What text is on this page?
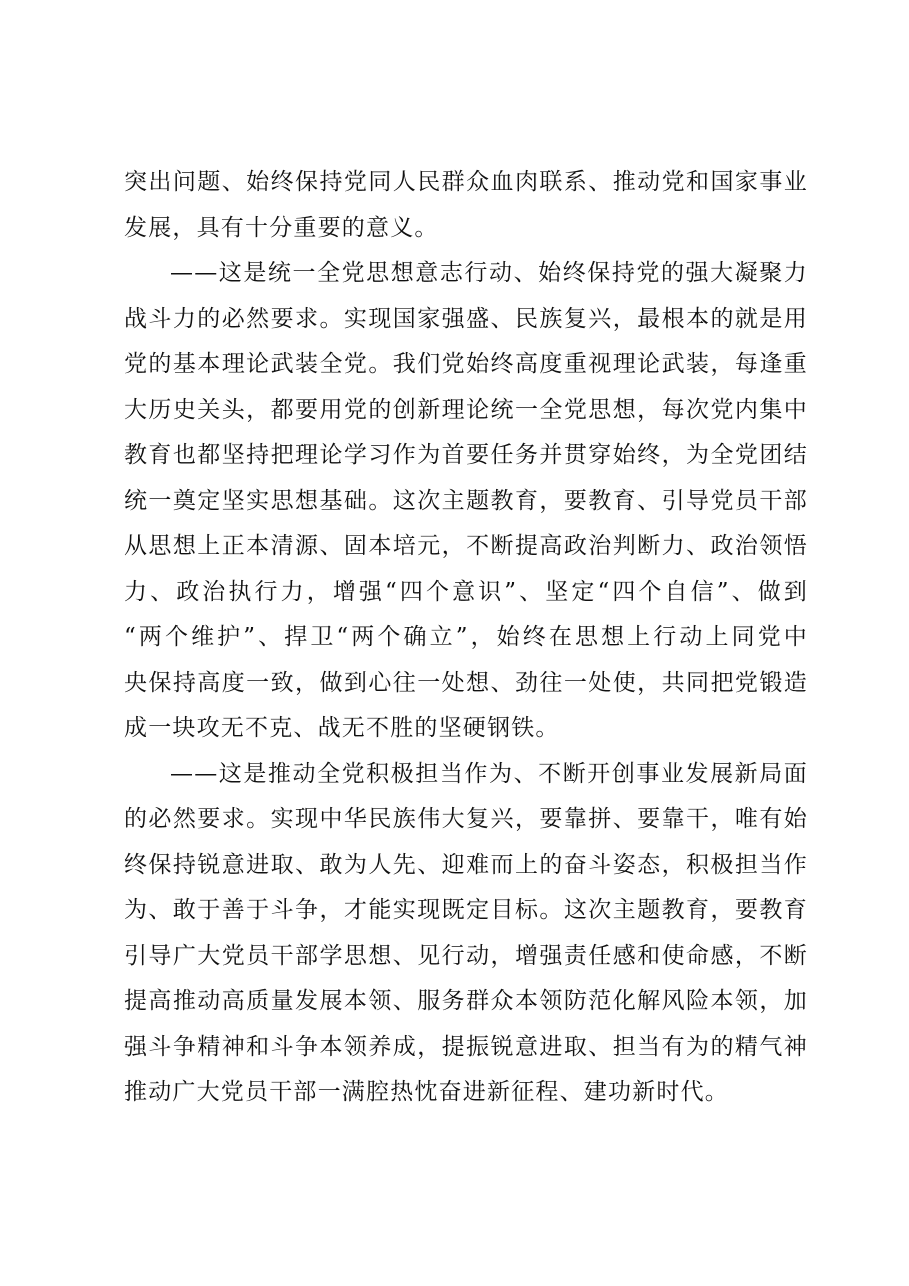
突出问题、始终保持党同人民群众血肉联系、推动党和国家事业
发展，具有十分重要的意义。
——这是统一全党思想意志行动、始终保持党的强大凝聚力
战斗力的必然要求。实现国家强盛、民族复兴，最根本的就是用
党的基本理论武装全党。我们党始终高度重视理论武装，每逢重
大历史关头，都要用党的创新理论统一全党思想，每次党内集中
教育也都坚持把理论学习作为首要任务并贯穿始终，为全党团结
统一奠定坚实思想基础。这次主题教育，要教育、引导党员干部
从思想上正本清源、固本培元，不断提高政治判断力、政治领悟
力、政治执行力，增强“四个意识”、坚定“四个自信”、做到
“两个维护”、捍卫“两个确立”，始终在思想上行动上同党中
央保持高度一致，做到心往一处想、劲往一处使，共同把党锻造
成一块攻无不克、战无不胜的坚硬钢铁。
——这是推动全党积极担当作为、不断开创事业发展新局面
的必然要求。实现中华民族伟大复兴，要靠拼、要靠干，唯有始
终保持锐意进取、敢为人先、迎难而上的奋斗姿态，积极担当作
为、敢于善于斗争，才能实现既定目标。这次主题教育，要教育
引导广大党员干部学思想、见行动，增强责任感和使命感，不断
提高推动高质量发展本领、服务群众本领防范化解风险本领，加
强斗争精神和斗争本领养成，提振锐意进取、担当有为的精气神
推动广大党员干部一满腔热忱奋进新征程、建功新时代。
